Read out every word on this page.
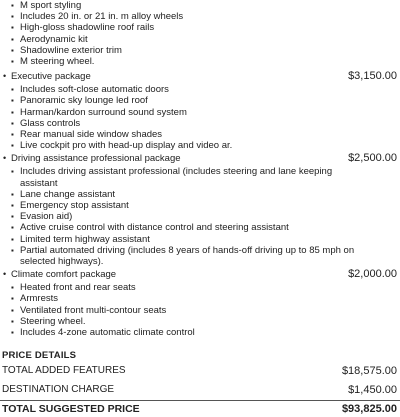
▪ M sport styling
▪ Includes 20 in. or 21 in. m alloy wheels
▪ High-gloss shadowline roof rails
▪ Aerodynamic kit
▪ Shadowline exterior trim
▪ M steering wheel.
• Executive package	$3,150.00
▪ Includes soft-close automatic doors
▪ Panoramic sky lounge led roof
▪ Harman/kardon surround sound system
▪ Glass controls
▪ Rear manual side window shades
▪ Live cockpit pro with head-up display and video ar.
• Driving assistance professional package	$2,500.00
▪ Includes driving assistant professional (includes steering and lane keeping assistant
▪ Lane change assistant
▪ Emergency stop assistant
▪ Evasion aid)
▪ Active cruise control with distance control and steering assistant
▪ Limited term highway assistant
▪ Partial automated driving (includes 8 years of hands-off driving up to 85 mph on selected highways).
• Climate comfort package	$2,000.00
▪ Heated front and rear seats
▪ Armrests
▪ Ventilated front multi-contour seats
▪ Steering wheel.
▪ Includes 4-zone automatic climate control
PRICE DETAILS
TOTAL ADDED FEATURES	$18,575.00
DESTINATION CHARGE	$1,450.00
TOTAL SUGGESTED PRICE	$93,825.00
